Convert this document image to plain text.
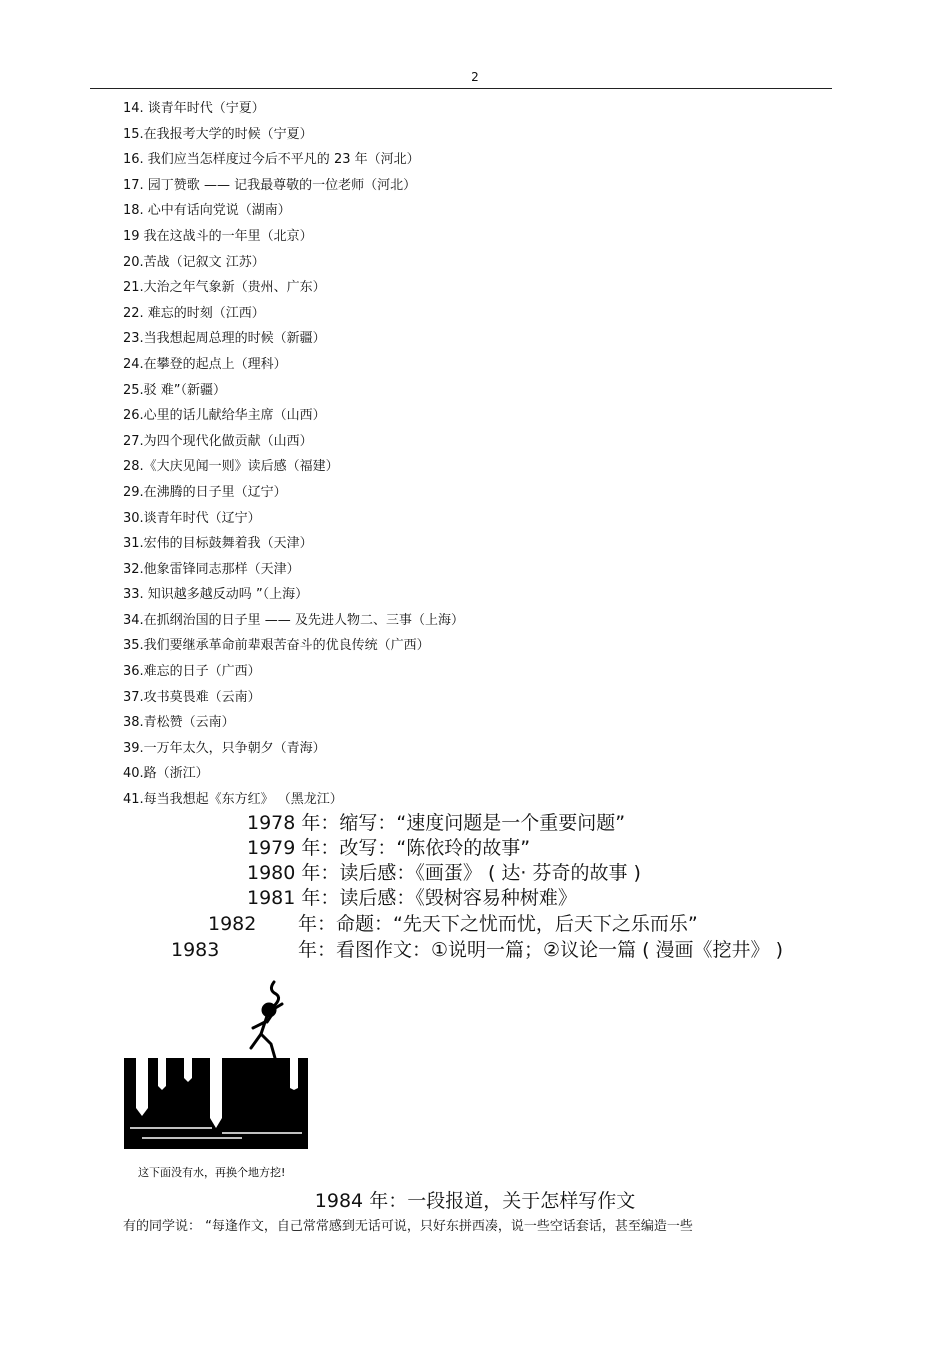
2
14. 谈青年时代（宁夏）
15.在我报考大学的时候（宁夏）
16. 我们应当怎样度过今后不平凡的 23 年（河北）
17. 园丁赞歌 —— 记我最尊敬的一位老师（河北）
18. 心中有话向党说（湖南）
19 我在这战斗的一年里（北京）
20.苦战（记叙文 江苏）
21.大治之年气象新（贵州、广东）
22. 难忘的时刻（江西）
23.当我想起周总理的时候（新疆）
24.在攀登的起点上（理科）
25.驳 难”（新疆）
26.心里的话儿献给华主席（山西）
27.为四个现代化做贡献（山西）
28.《大庆见闻一则》读后感（福建）
29.在沸腾的日子里（辽宁）
30.谈青年时代（辽宁）
31.宏伟的目标鼓舞着我（天津）
32.他象雷锋同志那样（天津）
33. 知识越多越反动吗 ”（上海）
34.在抓纲治国的日子里 —— 及先进人物二、三事（上海）
35.我们要继承革命前辈艰苦奋斗的优良传统（广西）
36.难忘的日子（广西）
37.攻书莫畏难（云南）
38.青松赞（云南）
39.一万年太久，只争朝夕（青海）
40.路（浙江）
41.每当我想起《东方红》 （黑龙江）
1978 年：缩写：“速度问题是一个重要问题”
1979 年：改写：“陈依玲的故事”
1980 年：读后感：《画蛋》 ( 达· 芬奇的故事 )
1981 年：读后感：《毁树容易种树难》
1982 年：命题：“先天下之忧而忧，后天下之乐而乐”
1983	年：看图作文：①说明一篇；②议论一篇 ( 漫画《挖井》 )
这下面没有水，再换个地方挖!
1984 年：一段报道，关于怎样写作文
有的同学说： “每逢作文，自己常常感到无话可说，只好东拼西凑，说一些空话套话，甚至编造一些
